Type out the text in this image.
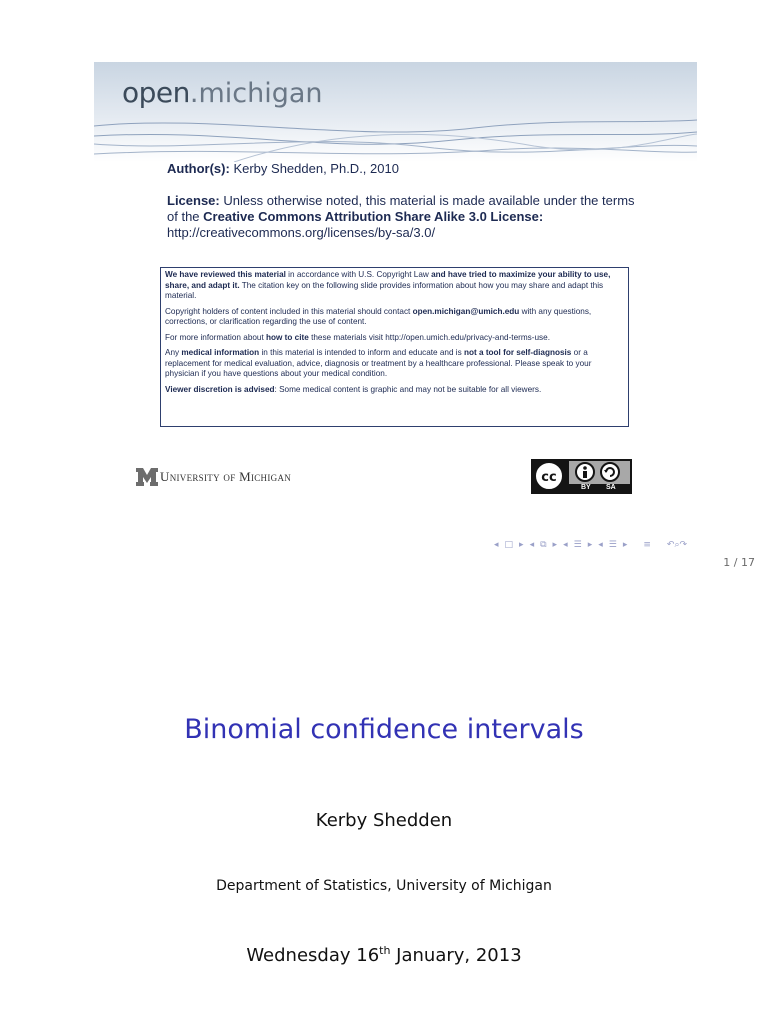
open.michigan
Author(s): Kerby Shedden, Ph.D., 2010
License: Unless otherwise noted, this material is made available under the terms of the Creative Commons Attribution Share Alike 3.0 License:
http://creativecommons.org/licenses/by-sa/3.0/

We have reviewed this material in accordance with U.S. Copyright Law and have tried to maximize your ability to use, share, and adapt it. The citation key on the following slide provides information about how you may share and adapt this material.

Copyright holders of content included in this material should contact open.michigan@umich.edu with any questions, corrections, or clarification regarding the use of content.

For more information about how to cite these materials visit http://open.umich.edu/privacy-and-terms-use.

Any medical information in this material is intended to inform and educate and is not a tool for self-diagnosis or a replacement for medical evaluation, advice, diagnosis or treatment by a healthcare professional. Please speak to your physician if you have questions about your medical condition.

Viewer discretion is advised: Some medical content is graphic and may not be suitable for all viewers.

University of Michigan	cc
BY SA
◂ □ ▸ ◂ ⧉ ▸ ◂ ☰ ▸ ◂ ☰ ▸ ≡ ↶⌕↷
1 / 17
Binomial confidence intervals
Kerby Shedden
Department of Statistics, University of Michigan
Wednesday 16th January, 2013
